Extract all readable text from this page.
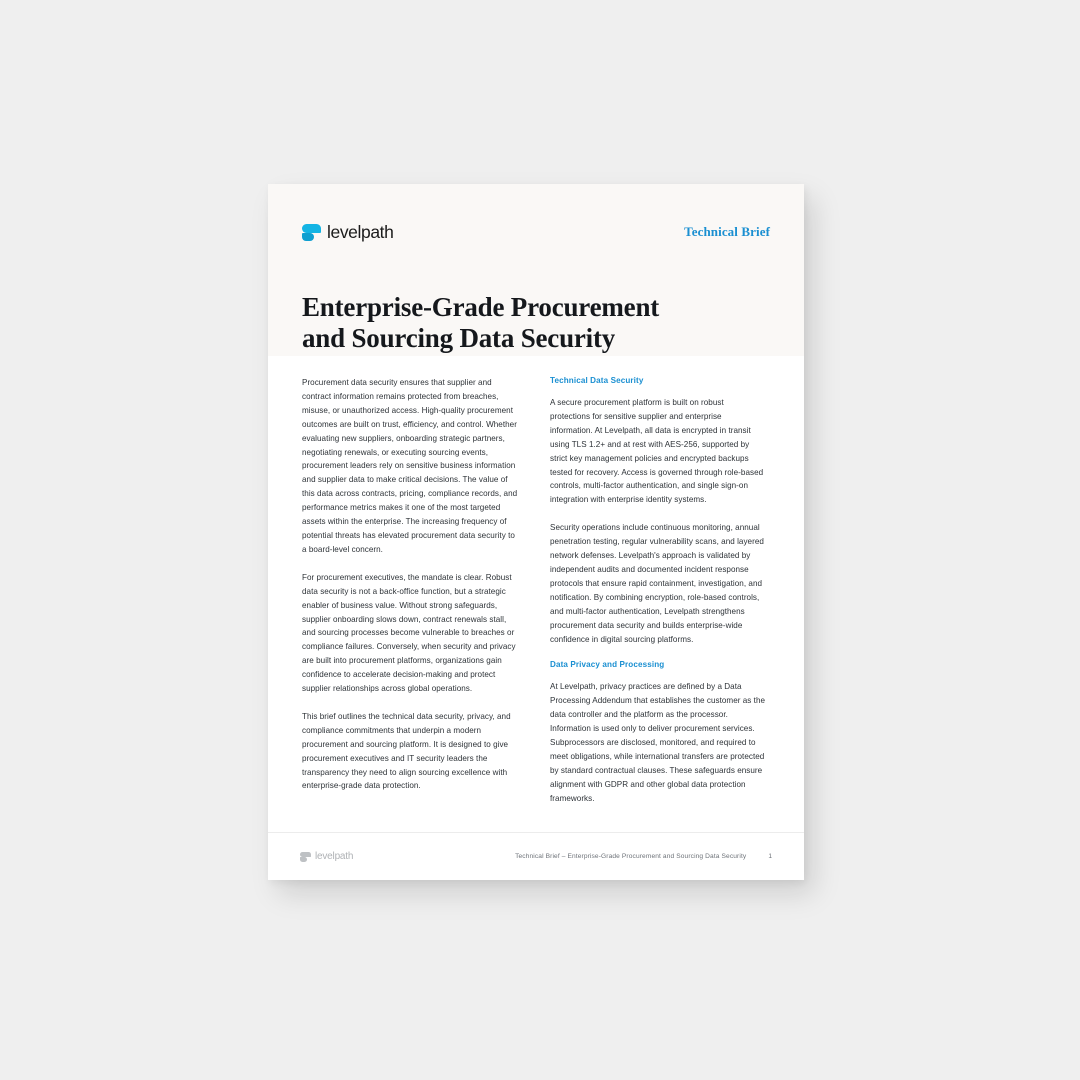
levelpath	Technical Brief
Enterprise-Grade Procurement
and Sourcing Data Security

Procurement data security ensures that supplier and contract information remains protected from breaches, misuse, or unauthorized access. High-quality procurement outcomes are built on trust, efficiency, and control. Whether evaluating new suppliers, onboarding strategic partners, negotiating renewals, or executing sourcing events, procurement leaders rely on sensitive business information and supplier data to make critical decisions. The value of this data across contracts, pricing, compliance records, and performance metrics makes it one of the most targeted assets within the enterprise. The increasing frequency of potential threats has elevated procurement data security to a board-level concern.

For procurement executives, the mandate is clear. Robust data security is not a back-office function, but a strategic enabler of business value. Without strong safeguards, supplier onboarding slows down, contract renewals stall, and sourcing processes become vulnerable to breaches or compliance failures. Conversely, when security and privacy are built into procurement platforms, organizations gain confidence to accelerate decision-making and protect supplier relationships across global operations.

This brief outlines the technical data security, privacy, and compliance commitments that underpin a modern procurement and sourcing platform. It is designed to give procurement executives and IT security leaders the transparency they need to align sourcing excellence with enterprise-grade data protection.

Technical Data Security

A secure procurement platform is built on robust protections for sensitive supplier and enterprise information. At Levelpath, all data is encrypted in transit using TLS 1.2+ and at rest with AES-256, supported by strict key management policies and encrypted backups tested for recovery. Access is governed through role-based controls, multi-factor authentication, and single sign-on integration with enterprise identity systems.

Security operations include continuous monitoring, annual penetration testing, regular vulnerability scans, and layered network defenses. Levelpath's approach is validated by independent audits and documented incident response protocols that ensure rapid containment, investigation, and notification. By combining encryption, role-based controls, and multi-factor authentication, Levelpath strengthens procurement data security and builds enterprise-wide confidence in digital sourcing platforms.

Data Privacy and Processing

At Levelpath, privacy practices are defined by a Data Processing Addendum that establishes the customer as the data controller and the platform as the processor. Information is used only to deliver procurement services. Subprocessors are disclosed, monitored, and required to meet obligations, while international transfers are protected by standard contractual clauses. These safeguards ensure alignment with GDPR and other global data protection frameworks.

levelpath	Technical Brief – Enterprise-Grade Procurement and Sourcing Data Security	1
